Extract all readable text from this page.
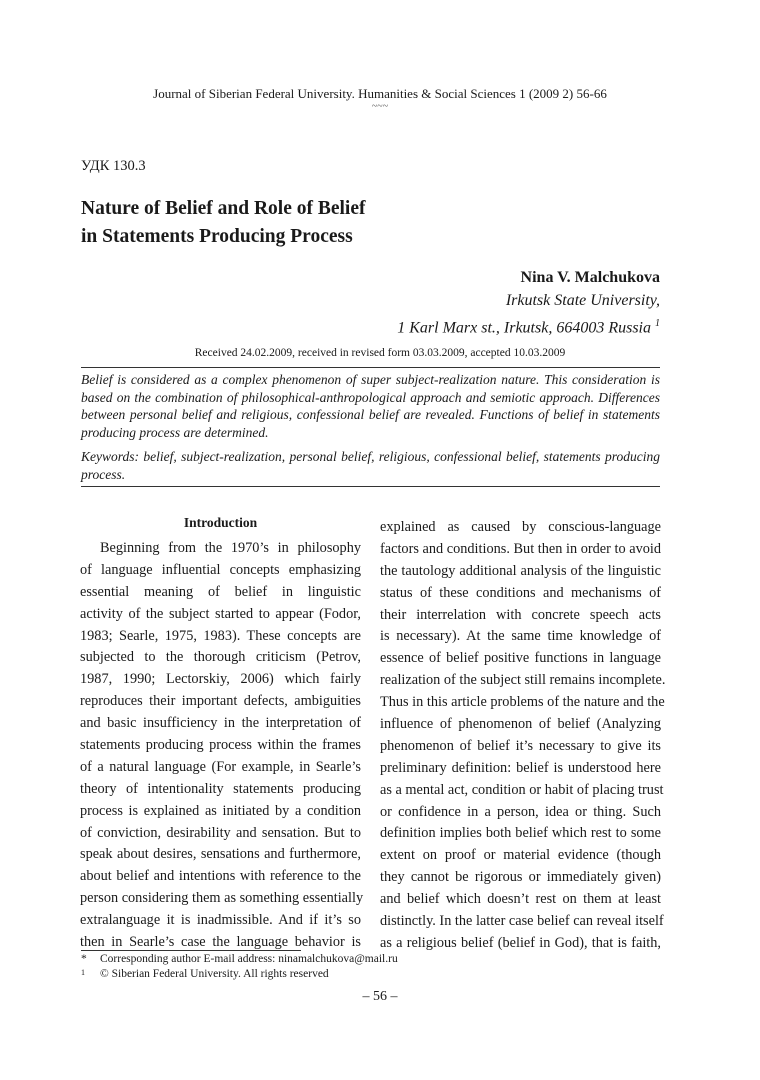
Journal of Siberian Federal University. Humanities & Social Sciences 1 (2009 2) 56-66
~~~
УДК 130.3
Nature of Belief and Role of Belief
in Statements Producing Process
Nina V. Malchukova
Irkutsk State University,
1 Karl Marx st., Irkutsk, 664003 Russia $^1$
Received 24.02.2009, received in revised form 03.03.2009, accepted 10.03.2009
Belief is considered as a complex phenomenon of super subject-realization nature. This consideration is based on the combination of philosophical-anthropological approach and semiotic approach. Differences between personal belief and religious, confessional belief are revealed. Functions of belief in statements producing process are determined.
Keywords: belief, subject-realization, personal belief, religious, confessional belief, statements producing process.
Introduction
Beginning from the 1970’s in philosophy
of language influential concepts emphasizing
essential meaning of belief in linguistic
activity of the subject started to appear (Fodor,
1983; Searle, 1975, 1983). These concepts are
subjected to the thorough criticism (Petrov,
1987, 1990; Lectorskiy, 2006) which fairly
reproduces their important defects, ambiguities
and basic insufficiency in the interpretation of
statements producing process within the frames
of a natural language (For example, in Searle’s
theory of intentionality statements producing
process is explained as initiated by a condition
of conviction, desirability and sensation. But to
speak about desires, sensations and furthermore,
about belief and intentions with reference to the
person considering them as something essentially
extralanguage it is inadmissible. And if it’s so
then in Searle’s case the language behavior is
explained as caused by conscious-language
factors and conditions. But then in order to avoid
the tautology additional analysis of the linguistic
status of these conditions and mechanisms of
their interrelation with concrete speech acts
is necessary). At the same time knowledge of
essence of belief positive functions in language
realization of the subject still remains incomplete.
Thus in this article problems of the nature and the
influence of phenomenon of belief (Analyzing
phenomenon of belief it’s necessary to give its
preliminary definition: belief is understood here
as a mental act, condition or habit of placing trust
or confidence in a person, idea or thing. Such
definition implies both belief which rest to some
extent on proof or material evidence (though
they cannot be rigorous or immediately given)
and belief which doesn’t rest on them at least
distinctly. In the latter case belief can reveal itself
as a religious belief (belief in God), that is faith,
* Corresponding author E-mail address: ninamalchukova@mail.ru
1 © Siberian Federal University. All rights reserved
– 56 –
